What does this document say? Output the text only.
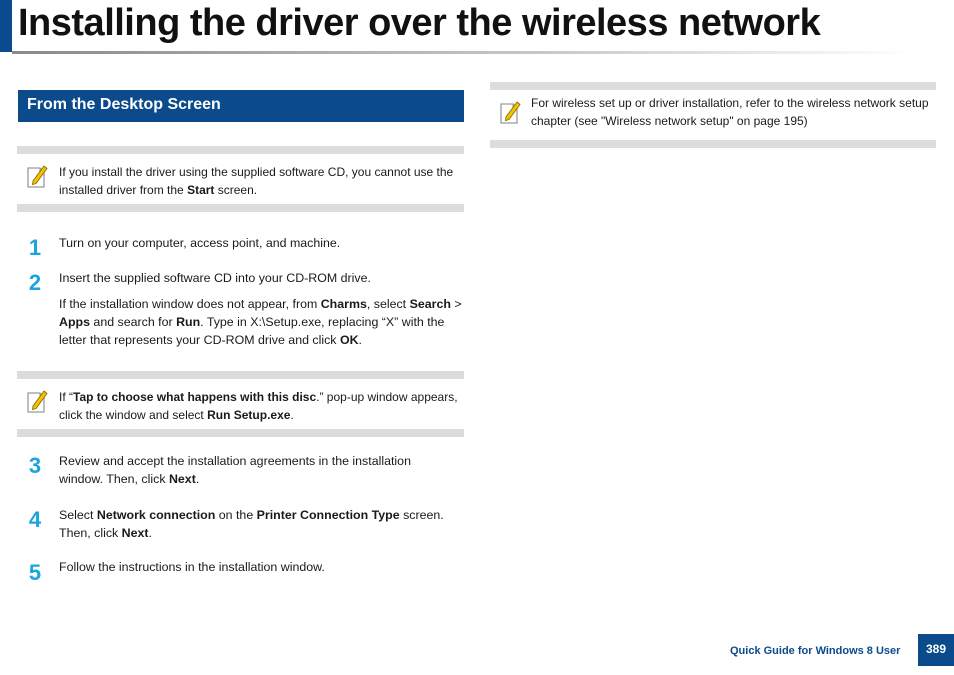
Installing the driver over the wireless network
From the Desktop Screen
If you install the driver using the supplied software CD, you cannot use the installed driver from the Start screen.
1	Turn on your computer, access point, and machine.
2	Insert the supplied software CD into your CD-ROM drive.
If the installation window does not appear, from Charms, select Search > Apps and search for Run. Type in X:\Setup.exe, replacing “X” with the letter that represents your CD-ROM drive and click OK.
If “Tap to choose what happens with this disc.” pop-up window appears, click the window and select Run Setup.exe.
3	Review and accept the installation agreements in the installation window. Then, click Next.
4	Select Network connection on the Printer Connection Type screen. Then, click Next.
5	Follow the instructions in the installation window.
For wireless set up or driver installation, refer to the wireless network setup chapter (see "Wireless network setup" on page 195)
Quick Guide for Windows 8 User	389
